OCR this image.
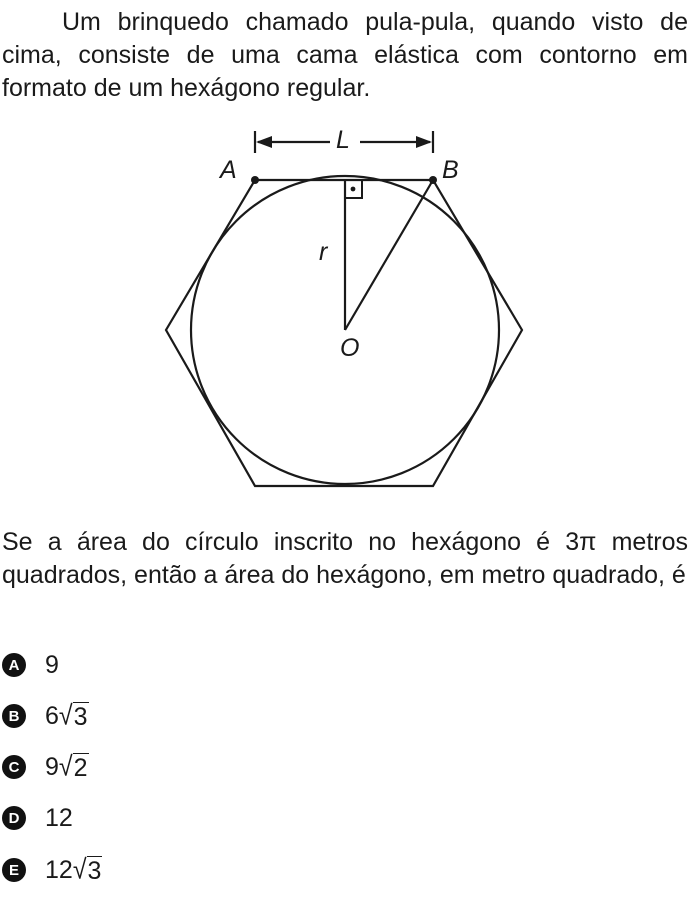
Um brinquedo chamado pula-pula, quando visto de cima, consiste de uma cama elástica com contorno em formato de um hexágono regular.
L
A	B
r
O
Se a área do círculo inscrito no hexágono é 3π metros quadrados, então a área do hexágono, em metro quadrado, é
A 9
B 6 √ 3
C 9 √ 2
D 12
E 12 √ 3
